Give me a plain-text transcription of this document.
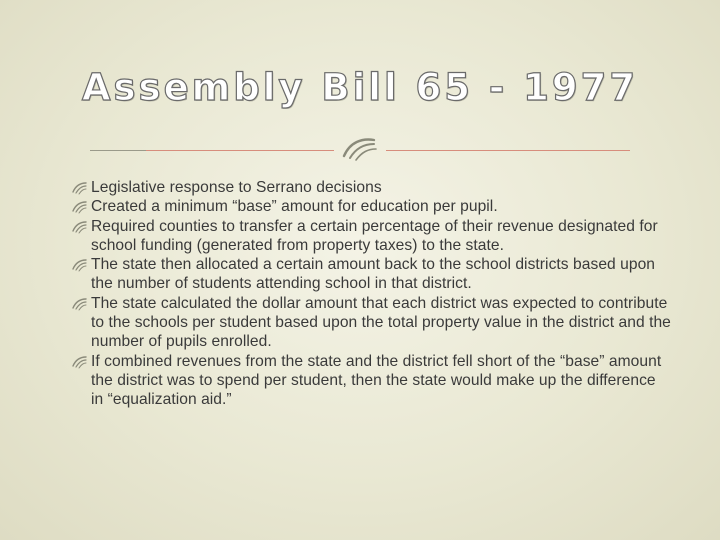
Assembly Bill 65 - 1977
Legislative response to Serrano decisions
Created a minimum “base” amount for education per pupil.
Required counties to transfer a certain percentage of their revenue designated for school funding (generated from property taxes) to the state.
The state then allocated a certain amount back to the school districts based upon the number of students attending school in that district.
The state calculated the dollar amount that each district was expected to contribute to the schools per student based upon the total property value in the district and the number of pupils enrolled.
If combined revenues from the state and the district fell short of the “base” amount the district was to spend per student, then the state would make up the difference in “equalization aid.”
